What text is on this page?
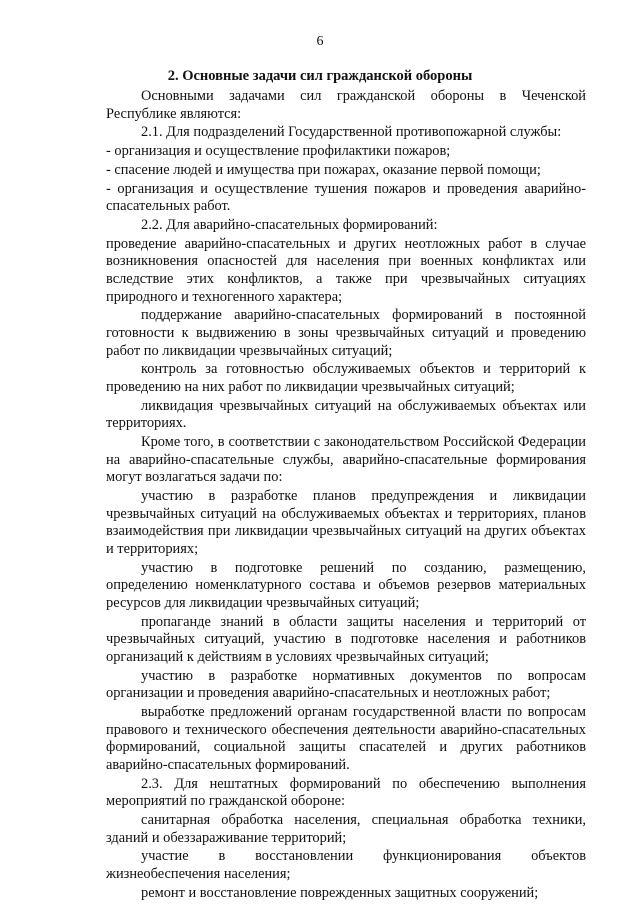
6
2. Основные задачи сил гражданской обороны

Основными задачами сил гражданской обороны в Чеченской Республике являются:

2.1. Для подразделений Государственной противопожарной службы:

- организация и осуществление профилактики пожаров;

- спасение людей и имущества при пожарах, оказание первой помощи;

- организация и осуществление тушения пожаров и проведения аварийно-спасательных работ.

2.2. Для аварийно-спасательных формирований:

проведение аварийно-спасательных и других неотложных работ в случае возникновения опасностей для населения при военных конфликтах или вследствие этих конфликтов, а также при чрезвычайных ситуациях природного и техногенного характера;

поддержание аварийно-спасательных формирований в постоянной готовности к выдвижению в зоны чрезвычайных ситуаций и проведению работ по ликвидации чрезвычайных ситуаций;

контроль за готовностью обслуживаемых объектов и территорий к проведению на них работ по ликвидации чрезвычайных ситуаций;

ликвидация чрезвычайных ситуаций на обслуживаемых объектах или территориях.

Кроме того, в соответствии с законодательством Российской Федерации на аварийно-спасательные службы, аварийно-спасательные формирования могут возлагаться задачи по:

участию в разработке планов предупреждения и ликвидации чрезвычайных ситуаций на обслуживаемых объектах и территориях, планов взаимодействия при ликвидации чрезвычайных ситуаций на других объектах и территориях;

участию в подготовке решений по созданию, размещению, определению номенклатурного состава и объемов резервов материальных ресурсов для ликвидации чрезвычайных ситуаций;

пропаганде знаний в области защиты населения и территорий от чрезвычайных ситуаций, участию в подготовке населения и работников организаций к действиям в условиях чрезвычайных ситуаций;

участию в разработке нормативных документов по вопросам организации и проведения аварийно-спасательных и неотложных работ;

выработке предложений органам государственной власти по вопросам правового и технического обеспечения деятельности аварийно-спасательных формирований, социальной защиты спасателей и других работников аварийно-спасательных формирований.

2.3. Для нештатных формирований по обеспечению выполнения мероприятий по гражданской обороне:

санитарная обработка населения, специальная обработка техники, зданий и обеззараживание территорий;

участие в восстановлении функционирования объектов жизнеобеспечения населения;

ремонт и восстановление поврежденных защитных сооружений;
